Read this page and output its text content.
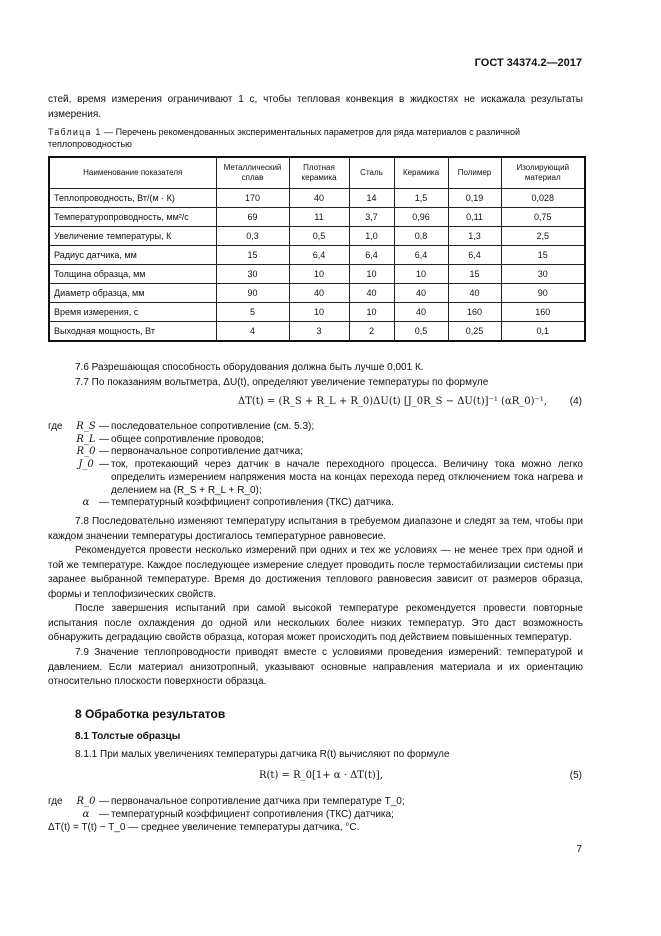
ГОСТ 34374.2—2017
стей, время измерения ограничивают 1 с, чтобы тепловая конвекция в жидкостях не искажала результаты измерения.
Таблица 1 — Перечень рекомендованных экспериментальных параметров для ряда материалов с различной теплопроводностью
Наименование показателя	Металлический сплав	Плотная керамика	Сталь	Керамика	Полимер	Изолирующий материал
Теплопроводность, Вт/(м · К)	170	40	14	1,5	0,19	0,028
Температуропроводность, мм²/с	69	11	3,7	0,96	0,11	0,75
Увеличение температуры, К	0,3	0,5	1,0	0,8	1,3	2,5
Радиус датчика, мм	15	6,4	6,4	6,4	6,4	15
Толщина образца, мм	30	10	10	10	15	30
Диаметр образца, мм	90	40	40	40	40	90
Время измерения, с	5	10	10	40	160	160
Выходная мощность, Вт	4	3	2	0,5	0,25	0,1
7.6 Разрешающая способность оборудования должна быть лучше 0,001 К.
7.7 По показаниям вольтметра, ΔU(t), определяют увеличение температуры по формуле
ΔT(t) = (R_S + R_L + R_0)ΔU(t) [J_0R_S − ΔU(t)]⁻¹ (αR_0)⁻¹, (4)
где	R_S — последовательное сопротивление (см. 5.3);
R_L — общее сопротивление проводов;
R_0 — первоначальное сопротивление датчика;
J_0 — ток, протекающий через датчик в начале переходного процесса. Величину тока можно легко определить измерением напряжения моста на концах перехода перед отключением тока нагрева и делением на (R_S + R_L + R_0);
α — температурный коэффициент сопротивления (ТКС) датчика.

7.8 Последовательно изменяют температуру испытания в требуемом диапазоне и следят за тем, чтобы при каждом значении температуры достигалось температурное равновесие.

Рекомендуется провести несколько измерений при одних и тех же условиях — не менее трех при одной и той же температуре. Каждое последующее измерение следует проводить после термостабилизации системы при заранее выбранной температуре. Время до достижения теплового равновесия зависит от размеров образца, формы и теплофизических свойств.

После завершения испытаний при самой высокой температуре рекомендуется провести повторные испытания после охлаждения до одной или нескольких более низких температур. Это даст возможность обнаружить деградацию свойств образца, которая может происходить под действием повышенных температур.

7.9 Значение теплопроводности приводят вместе с условиями проведения измерений: температурой и давлением. Если материал анизотропный, указывают основные направления материала и их ориентацию относительно плоскости поверхности образца.

8 Обработка результатов
8.1 Толстые образцы
8.1.1 При малых увеличениях температуры датчика R(t) вычисляют по формуле
R(t) = R_0[1+ α · ΔT(t)],	(5)
где	R_0 — первоначальное сопротивление датчика при температуре T_0;
α — температурный коэффициент сопротивления (ТКС) датчика;
ΔT(t) = T(t) − T_0 — среднее увеличение температуры датчика, °С.
7
